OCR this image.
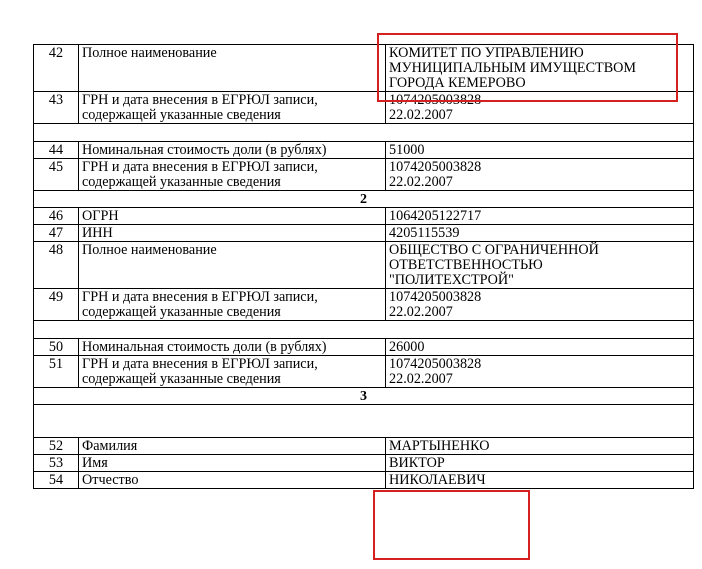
42	Полное наименование	КОМИТЕТ ПО УПРАВЛЕНИЮ
МУНИЦИПАЛЬНЫМ ИМУЩЕСТВОМ
ГОРОДА КЕМЕРОВО

43	ГРН и дата внесения в ЕГРЮЛ записи,
содержащей указанные сведения	1074205003828
22.02.2007

44	Номинальная стоимость доли (в рублях)	51000

45	ГРН и дата внесения в ЕГРЮЛ записи,
содержащей указанные сведения	1074205003828
22.02.2007

2		
46	ОГРН	1064205122717

47	ИНН	4205115539

48	Полное наименование	ОБЩЕСТВО С ОГРАНИЧЕННОЙ
ОТВЕТСТВЕННОСТЬЮ
"ПОЛИТЕХСТРОЙ"

49	ГРН и дата внесения в ЕГРЮЛ записи,
содержащей указанные сведения	1074205003828
22.02.2007

50	Номинальная стоимость доли (в рублях)	26000

51	ГРН и дата внесения в ЕГРЮЛ записи,
содержащей указанные сведения	1074205003828
22.02.2007

3		

52	Фамилия	МАРТЫНЕНКО

53	Имя	ВИКТОР

54	Отчество	НИКОЛАЕВИЧ
